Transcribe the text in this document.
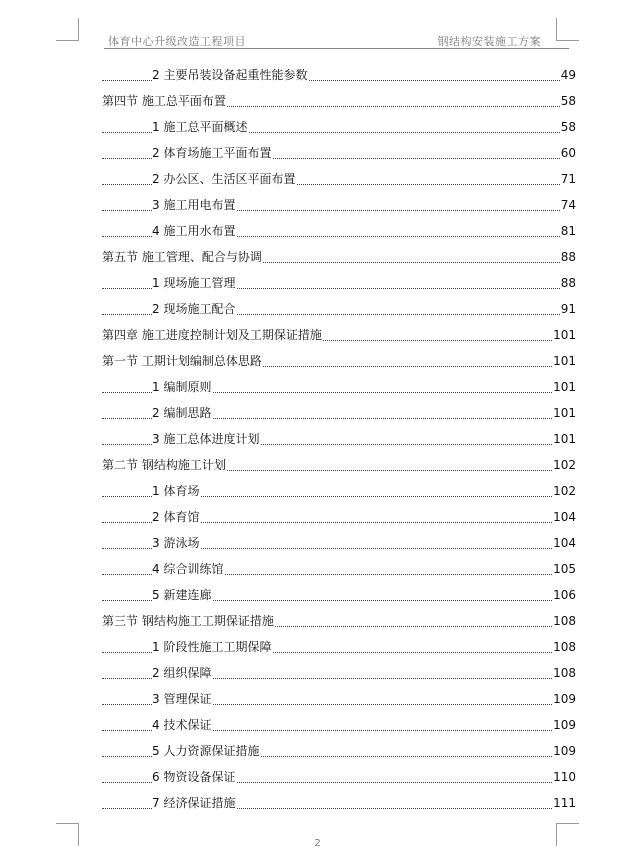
体育中心升级改造工程项目	钢结构安装施工方案
2 主要吊装设备起重性能参数	49
第四节 施工总平面布置	58
1 施工总平面概述	58
2 体育场施工平面布置	60
2 办公区、生活区平面布置	71
3 施工用电布置	74
4 施工用水布置	81
第五节 施工管理、配合与协调	88
1 现场施工管理	88
2 现场施工配合	91
第四章 施工进度控制计划及工期保证措施	101
第一节 工期计划编制总体思路	101
1 编制原则	101
2 编制思路	101
3 施工总体进度计划	101
第二节 钢结构施工计划	102
1 体育场	102
2 体育馆	104
3 游泳场	104
4 综合训练馆	105
5 新建连廊	106
第三节 钢结构施工工期保证措施	108
1 阶段性施工工期保障	108
2 组织保障	108
3 管理保证	109
4 技术保证	109
5 人力资源保证措施	109
6 物资设备保证	110
7 经济保证措施	111
2
